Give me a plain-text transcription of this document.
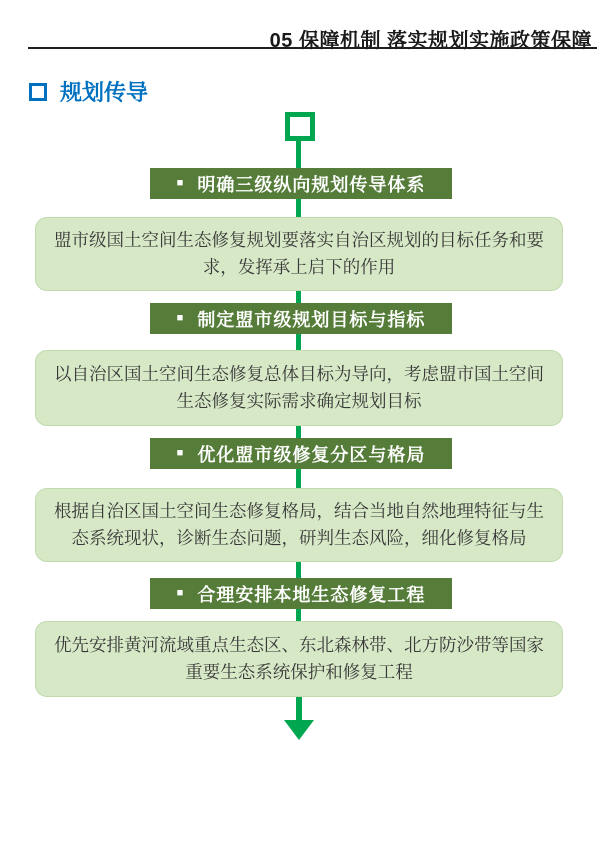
05 保障机制 落实规划实施政策保障
规划传导
■ 明确三级纵向规划传导体系
盟市级国土空间生态修复规划要落实自治区规划的目标任务和要求，发挥承上启下的作用
■ 制定盟市级规划目标与指标
以自治区国土空间生态修复总体目标为导向，考虑盟市国土空间生态修复实际需求确定规划目标
■ 优化盟市级修复分区与格局
根据自治区国土空间生态修复格局，结合当地自然地理特征与生态系统现状，诊断生态问题，研判生态风险，细化修复格局
■ 合理安排本地生态修复工程
优先安排黄河流域重点生态区、东北森林带、北方防沙带等国家重要生态系统保护和修复工程
